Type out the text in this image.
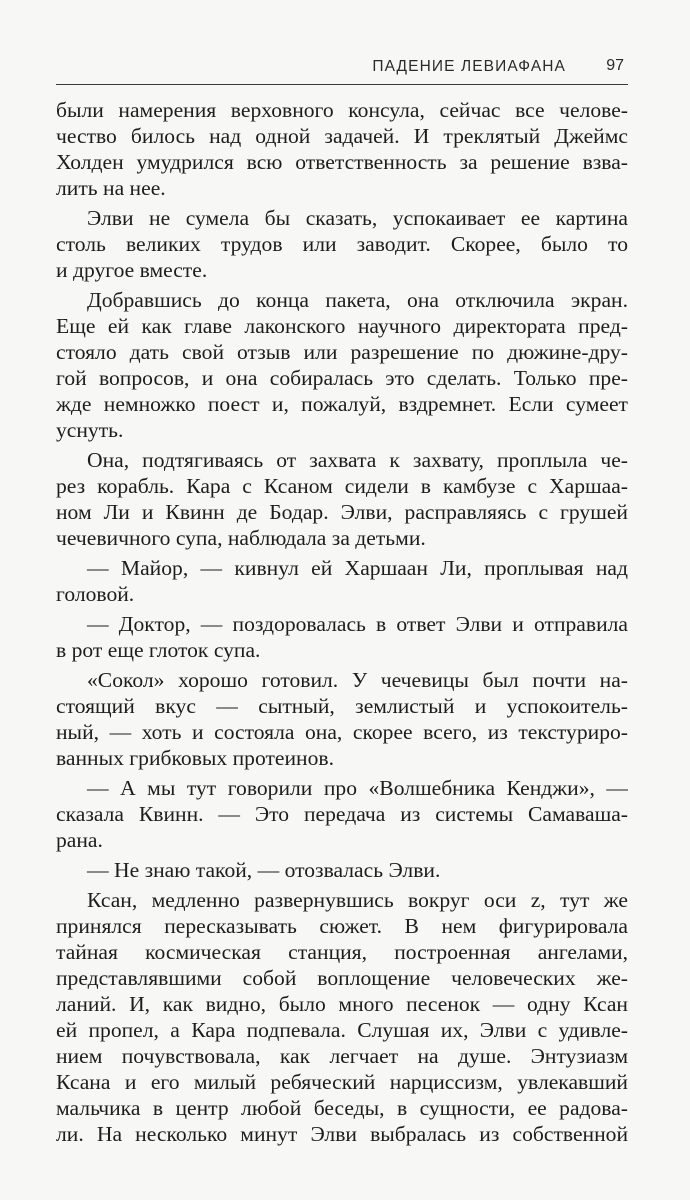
ПАДЕНИЕ ЛЕВИАФАНА	97
были намерения верховного консула, сейчас все челове-
чество билось над одной задачей. И треклятый Джеймс
Холден умудрился всю ответственность за решение взва-
лить на нее.
Элви не сумела бы сказать, успокаивает ее картина
столь великих трудов или заводит. Скорее, было то
и другое вместе.
Добравшись до конца пакета, она отключила экран.
Еще ей как главе лаконского научного директората пред-
стояло дать свой отзыв или разрешение по дюжине-дру-
гой вопросов, и она собиралась это сделать. Только пре-
жде немножко поест и, пожалуй, вздремнет. Если сумеет
уснуть.
Она, подтягиваясь от захвата к захвату, проплыла че-
рез корабль. Кара с Ксаном сидели в камбузе с Харшаа-
ном Ли и Квинн де Бодар. Элви, расправляясь с грушей
чечевичного супа, наблюдала за детьми.
— Майор, — кивнул ей Харшаан Ли, проплывая над
головой.
— Доктор, — поздоровалась в ответ Элви и отправила
в рот еще глоток супа.
«Сокол» хорошо готовил. У чечевицы был почти на-
стоящий вкус — сытный, землистый и успокоитель-
ный, — хоть и состояла она, скорее всего, из текстуриро-
ванных грибковых протеинов.
— А мы тут говорили про «Волшебника Кенджи», —
сказала Квинн. — Это передача из системы Самаваша-
рана.
— Не знаю такой, — отозвалась Элви.
Ксан, медленно развернувшись вокруг оси z, тут же
принялся пересказывать сюжет. В нем фигурировала
тайная космическая станция, построенная ангелами,
представлявшими собой воплощение человеческих же-
ланий. И, как видно, было много песенок — одну Ксан
ей пропел, а Кара подпевала. Слушая их, Элви с удивле-
нием почувствовала, как легчает на душе. Энтузиазм
Ксана и его милый ребяческий нарциссизм, увлекавший
мальчика в центр любой беседы, в сущности, ее радова-
ли. На несколько минут Элви выбралась из собственной
